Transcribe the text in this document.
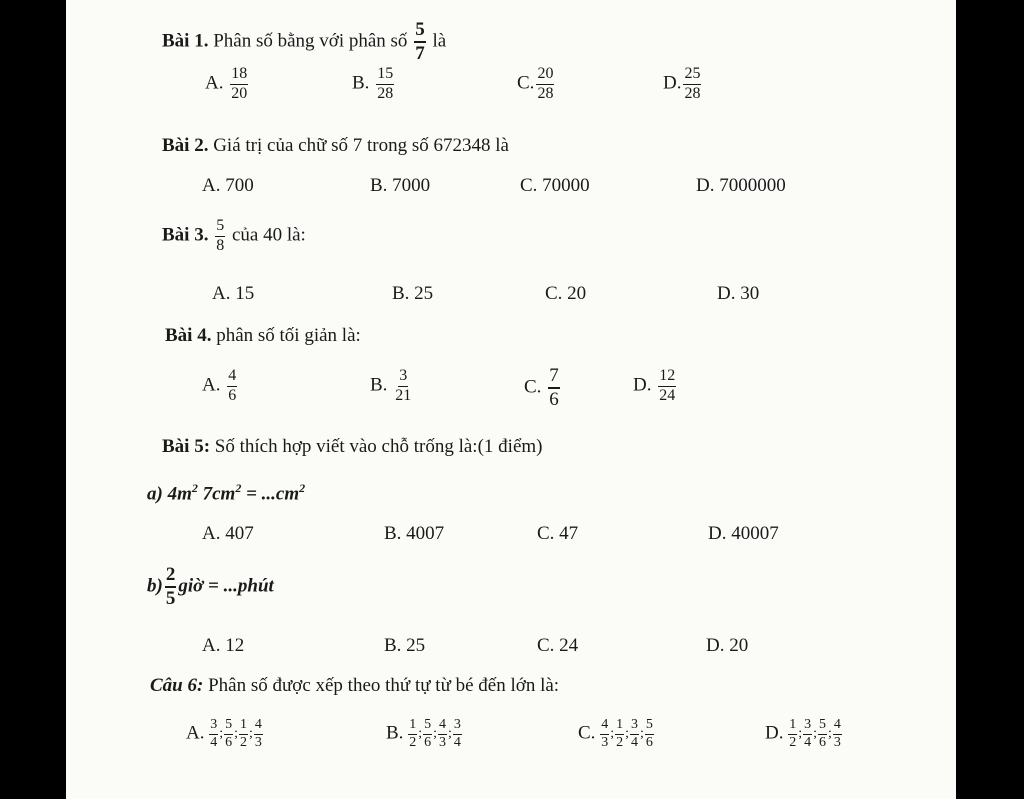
Bài 1. Phân số bằng với phân số $\frac{5}{7}$ là
A. $\frac{18}{20}$	B. $\frac{15}{28}$	C. $\frac{20}{28}$	D. $\frac{25}{28}$
Bài 2. Giá trị của chữ số 7 trong số 672348 là
A. 700	B. 7000	C. 70000	D. 7000000
Bài 3. $\frac{5}{8}$ của 40 là:
A. 15	B. 25	C. 20	D. 30
Bài 4. phân số tối giản là:
A. $\frac{4}{6}$	B. $\frac{3}{21}$	C. $\frac{7}{6}$	D. $\frac{12}{24}$
Bài 5: Số thích hợp viết vào chỗ trống là:(1 điểm)
a) $4m^2$ $7cm^2 = ...cm^2$
A. 407	B. 4007	C. 47	D. 40007
$b) \frac{2}{5}$ giờ = ...phút
A. 12	B. 25	C. 24	D. 20
Câu 6: Phân số được xếp theo thứ tự từ bé đến lớn là:
A. $\frac{3}{4}$ ; $\frac{5}{6}$ ; $\frac{1}{2}$ ; $\frac{4}{3}$	B. $\frac{1}{2}$ ; $\frac{5}{6}$ ; $\frac{4}{3}$ ; $\frac{3}{4}$	C. $\frac{4}{3}$ ; $\frac{1}{2}$ ; $\frac{3}{4}$ ; $\frac{5}{6}$	D. $\frac{1}{2}$ ; $\frac{3}{4}$ ; $\frac{5}{6}$ ; $\frac{4}{3}$
